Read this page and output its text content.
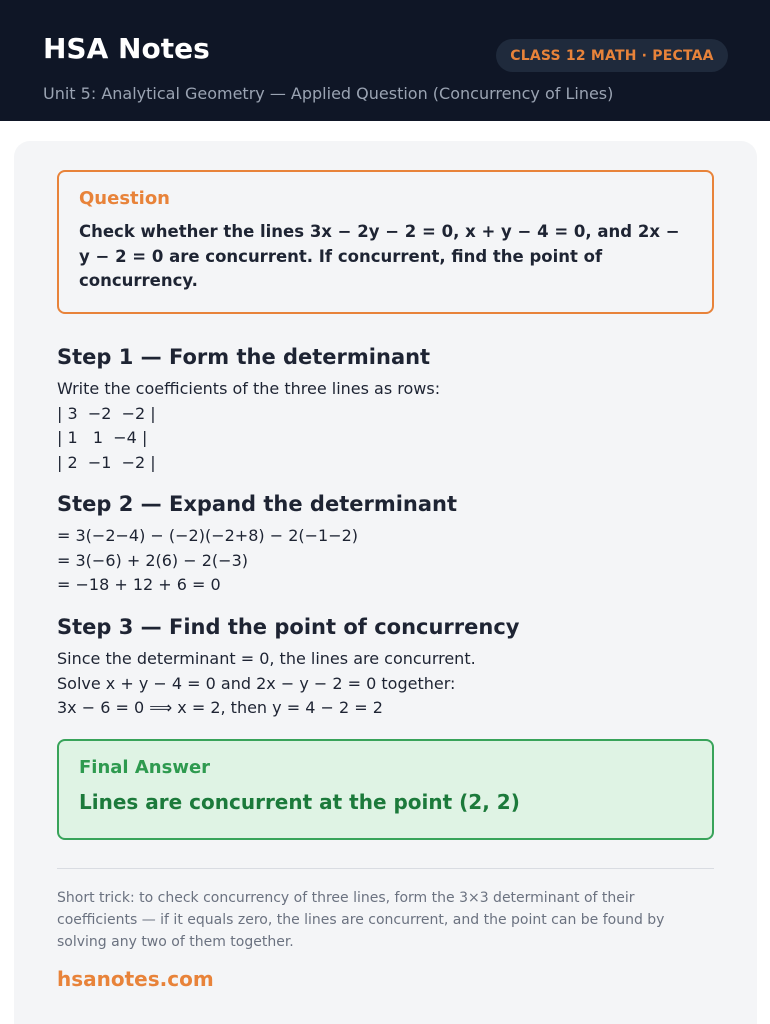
HSA Notes	CLASS 12 MATH · PECTAA
Unit 5: Analytical Geometry — Applied Question (Concurrency of Lines)
Question
Check whether the lines 3x − 2y − 2 = 0, x + y − 4 = 0, and 2x − y − 2 = 0 are concurrent. If concurrent, find the point of concurrency.
Step 1 — Form the determinant
Write the coefficients of the three lines as rows:
| 3  −2  −2 |
| 1   1  −4 |
| 2  −1  −2 |
Step 2 — Expand the determinant
= 3(−2−4) − (−2)(−2+8) − 2(−1−2)
= 3(−6) + 2(6) − 2(−3)
= −18 + 12 + 6 = 0
Step 3 — Find the point of concurrency
Since the determinant = 0, the lines are concurrent.
Solve x + y − 4 = 0 and 2x − y − 2 = 0 together:
3x − 6 = 0 ⟹ x = 2, then y = 4 − 2 = 2
Final Answer
Lines are concurrent at the point (2, 2)
Short trick: to check concurrency of three lines, form the 3×3 determinant of their coefficients — if it equals zero, the lines are concurrent, and the point can be found by solving any two of them together.
hsanotes.com
